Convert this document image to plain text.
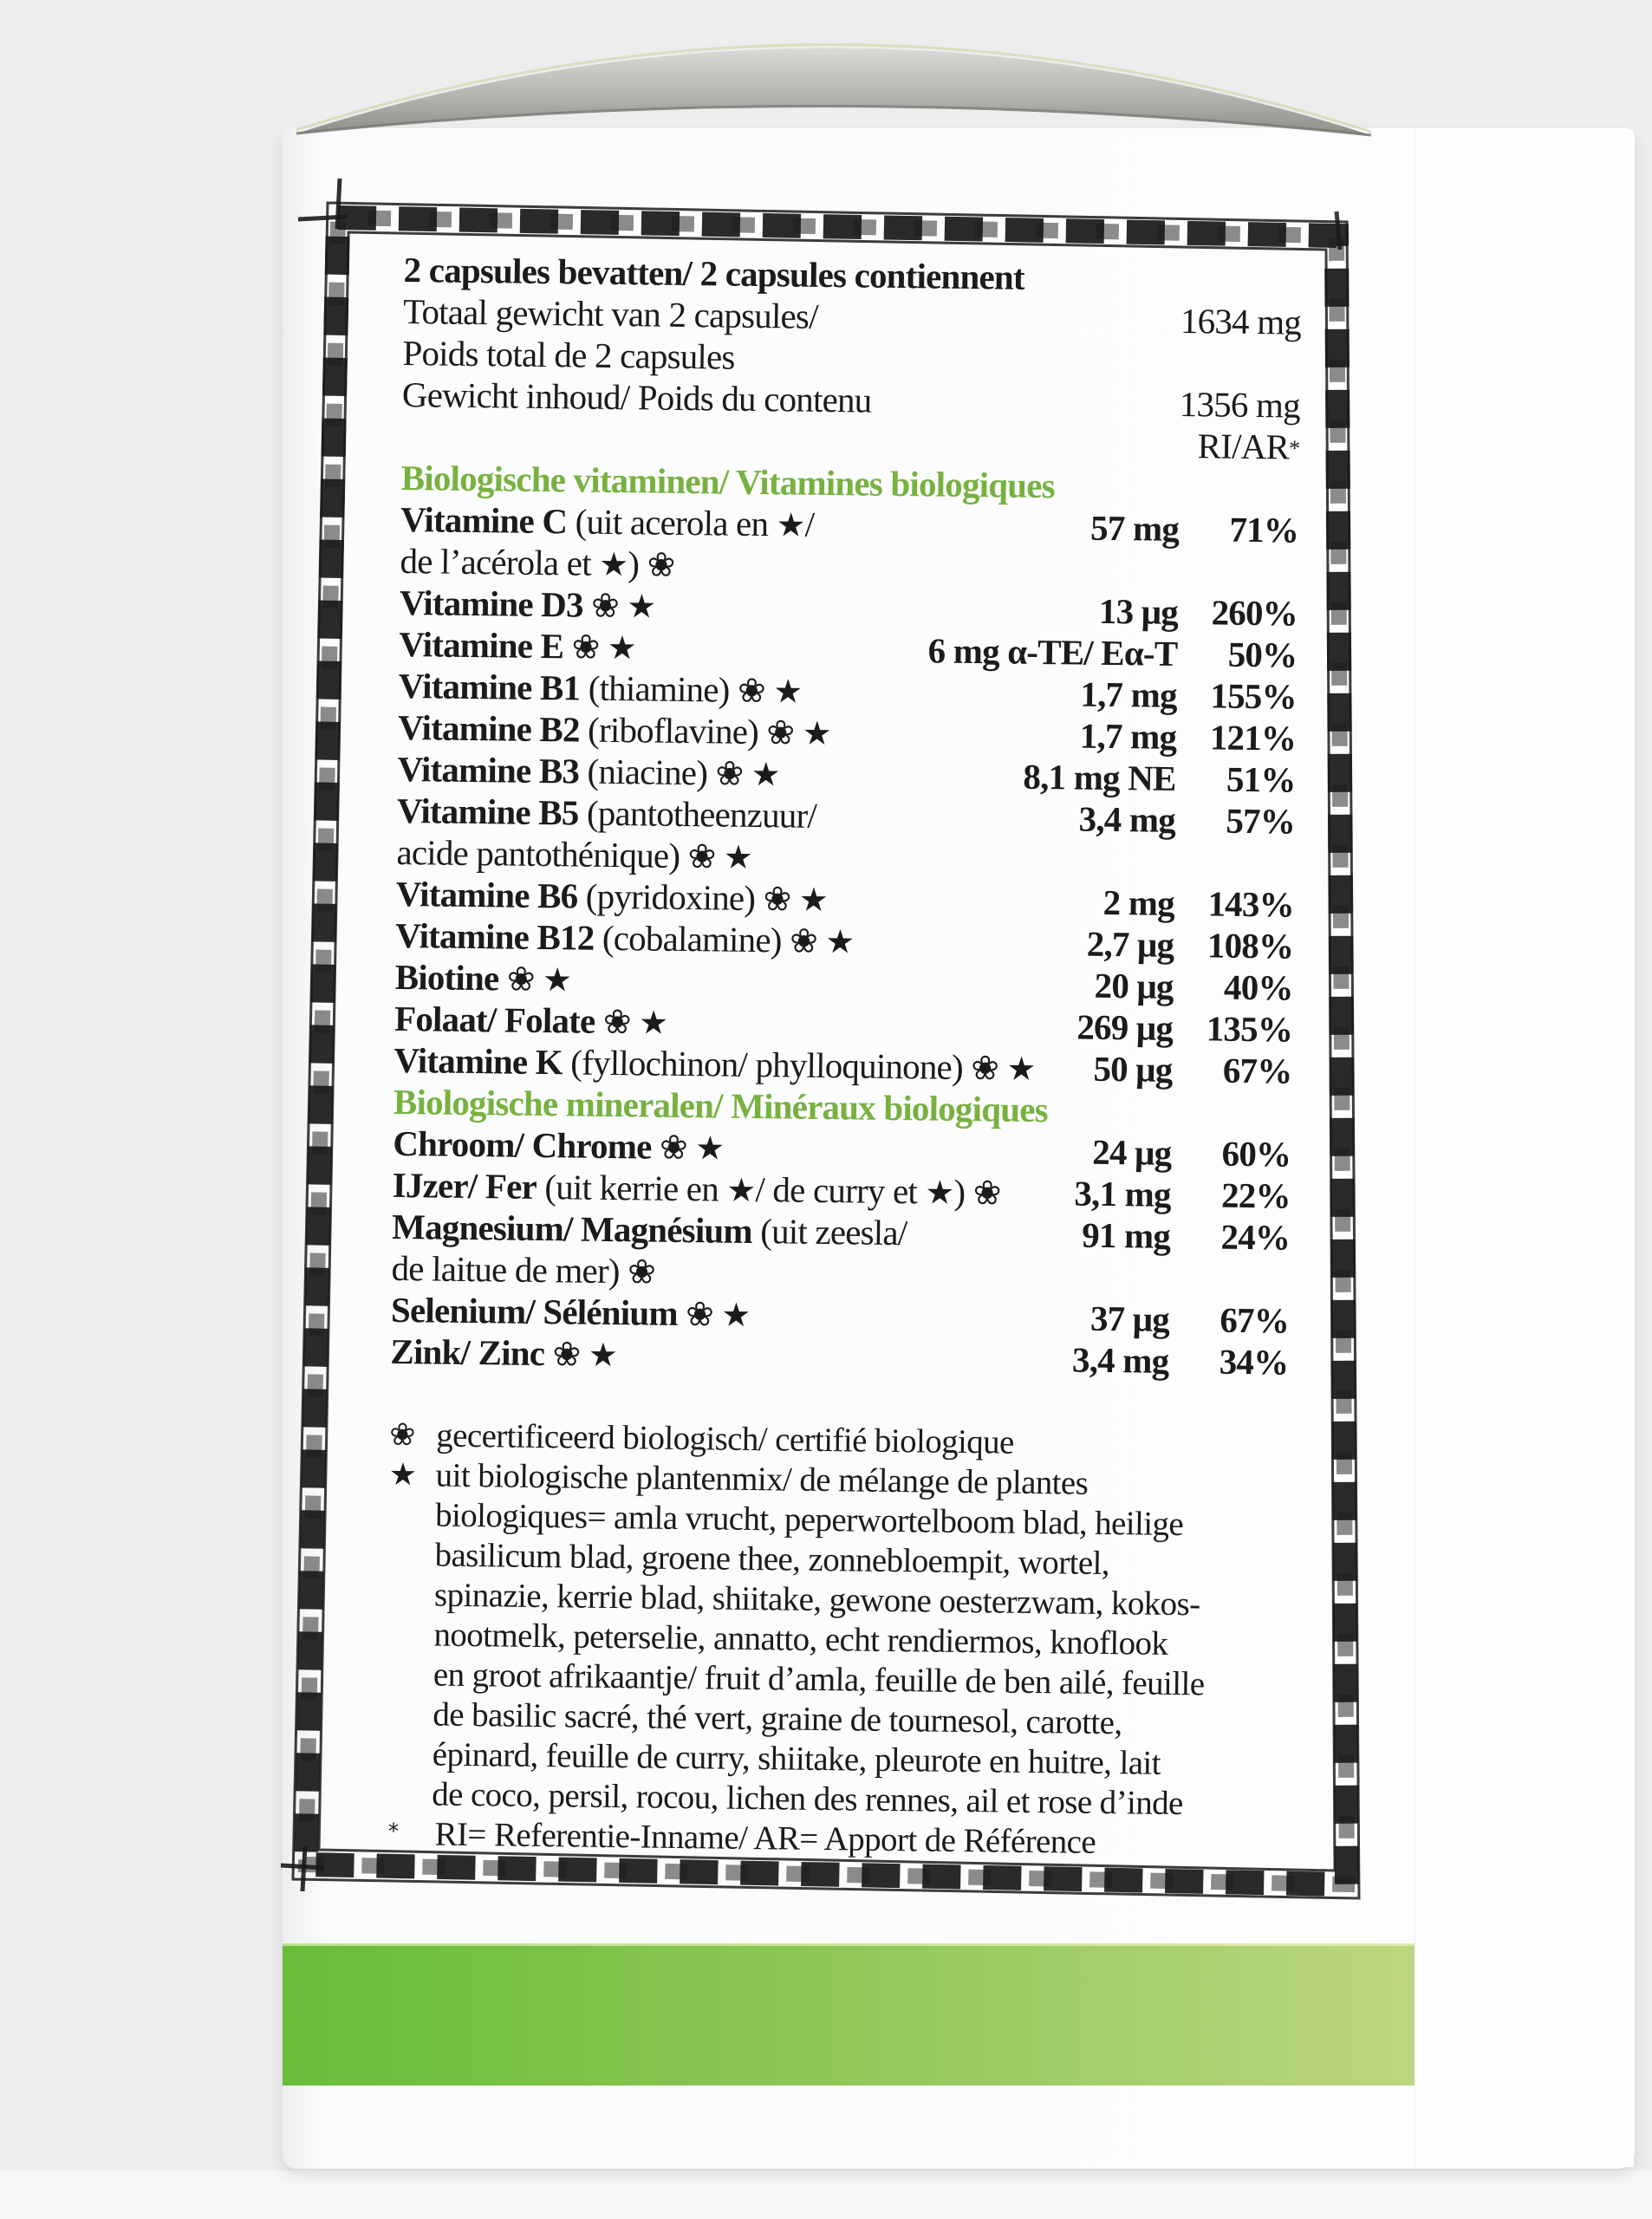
2 capsules bevatten/ 2 capsules contiennent
Totaal gewicht van 2 capsules/	1634 mg
Poids total de 2 capsules
Gewicht inhoud/ Poids du contenu	1356 mg
RI/AR *
Biologische vitaminen/ Vitamines biologiques
Vitamine C (uit acerola en ★/	57 mg	71%
de l’acérola et ★) ❀
Vitamine D3 ❀ ★	13 μg 260%
Vitamine E ❀ ★	6 mg α-TE/ Eα-T	50%
Vitamine B1 (thiamine) ❀ ★	1,7 mg 155%
Vitamine B2 (riboflavine) ❀ ★	1,7 mg 121%
Vitamine B3 (niacine) ❀ ★	8,1 mg NE	51%
Vitamine B5 (pantotheenzuur/	3,4 mg	57%
acide pantothénique) ❀ ★
Vitamine B6 (pyridoxine) ❀ ★	2 mg 143%
Vitamine B12 (cobalamine) ❀ ★	2,7 μg 108%
Biotine ❀ ★	20 μg	40%
Folaat/ Folate ❀ ★	269 μg 135%
Vitamine K (fyllochinon/ phylloquinone) ❀ ★	50 μg	67%
Biologische mineralen/ Minéraux biologiques
Chroom/ Chrome ❀ ★	24 μg	60%
IJzer/ Fer (uit kerrie en ★/ de curry et ★) ❀	3,1 mg	22%
Magnesium/ Magnésium (uit zeesla/	91 mg	24%
de laitue de mer) ❀
Selenium/ Sélénium ❀ ★	37 μg	67%
Zink/ Zinc ❀ ★	3,4 mg	34%
❀ gecertificeerd biologisch/ certifié biologique
★ uit biologische plantenmix/ de mélange de plantes
biologiques= amla vrucht, peperwortelboom blad, heilige
basilicum blad, groene thee, zonnebloempit, wortel,
spinazie, kerrie blad, shiitake, gewone oesterzwam, kokos-
nootmelk, peterselie, annatto, echt rendiermos, knoflook
en groot afrikaantje/ fruit d’amla, feuille de ben ailé, feuille
de basilic sacré, thé vert, graine de tournesol, carotte,
épinard, feuille de curry, shiitake, pleurote en huitre, lait
de coco, persil, rocou, lichen des rennes, ail et rose d’inde
*	RI= Referentie-Inname/ AR= Apport de Référence
